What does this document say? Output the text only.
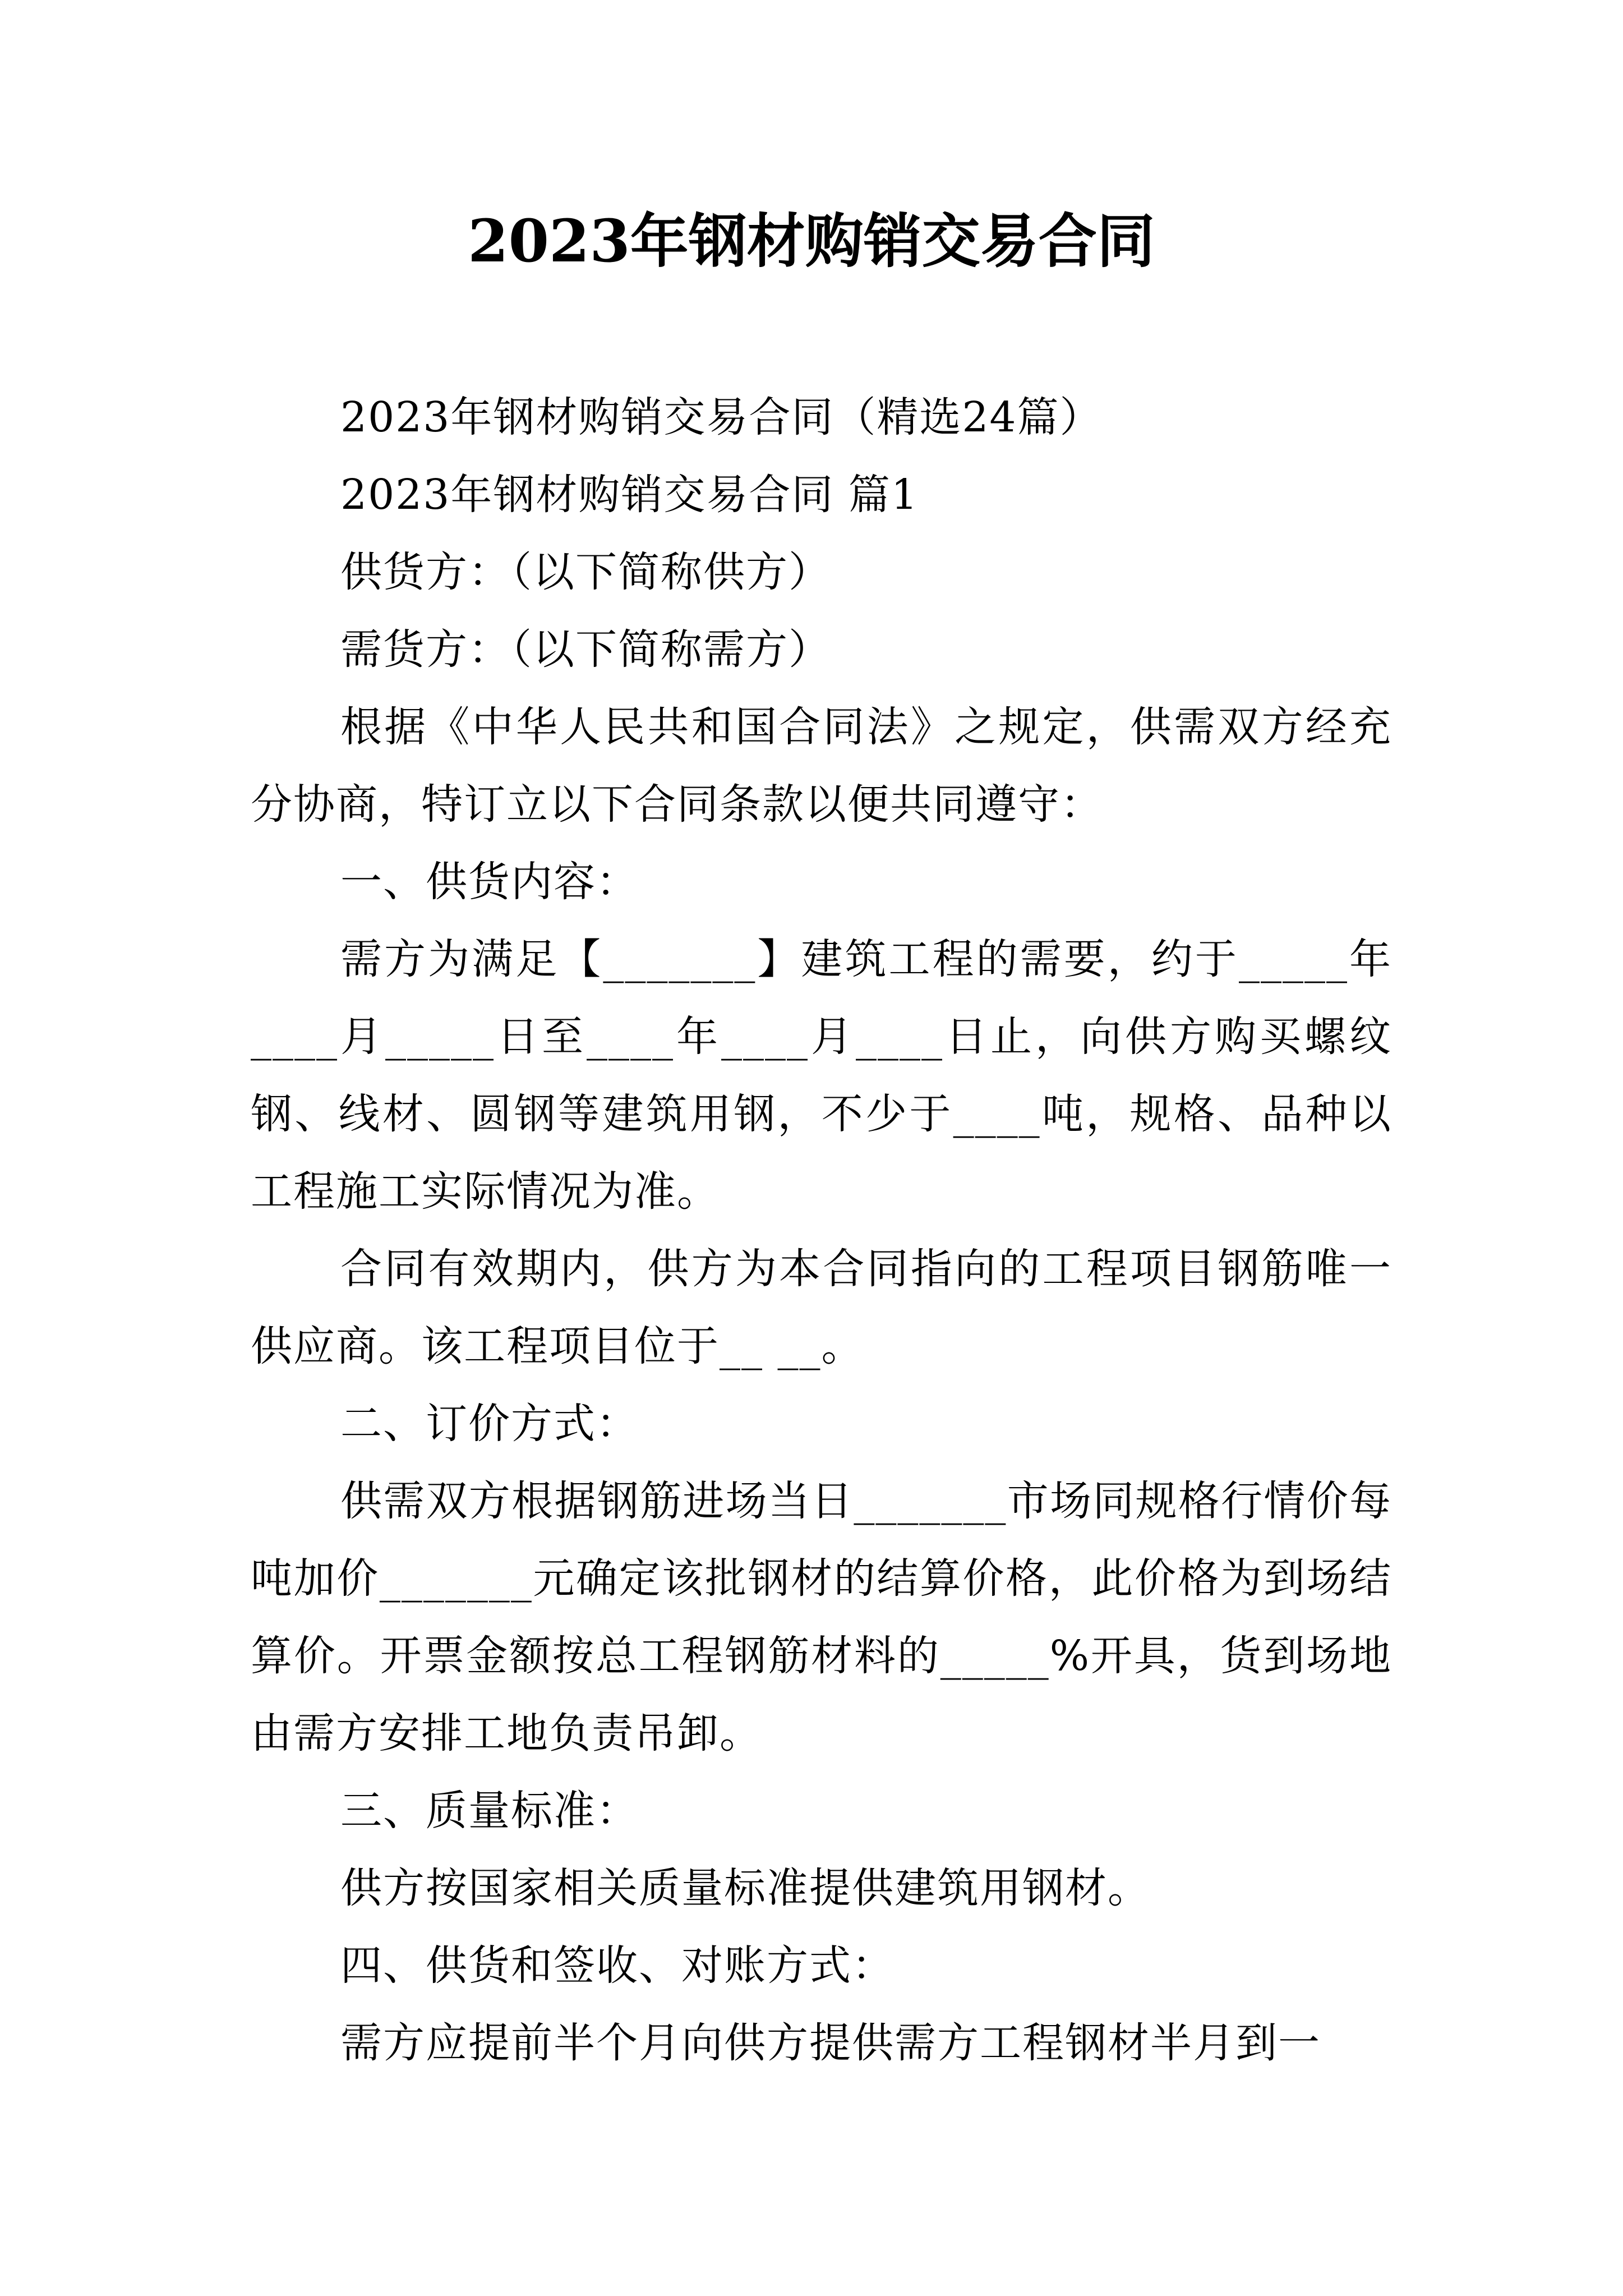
2023年钢材购销交易合同

2023年钢材购销交易合同（精选24篇）

2023年钢材购销交易合同 篇1

供货方：（以下简称供方）

需货方：（以下简称需方）

根据《中华人民共和国合同法》之规定，供需双方经充分协商，特订立以下合同条款以便共同遵守：

一、供货内容：

需方为满足【_______】建筑工程的需要，约于_____年____月_____日至____年____月____日止，向供方购买螺纹钢、线材、圆钢等建筑用钢，不少于____吨，规格、品种以工程施工实际情况为准。

合同有效期内，供方为本合同指向的工程项目钢筋唯一供应商。该工程项目位于__ __。

二、订价方式：

供需双方根据钢筋进场当日_______市场同规格行情价每吨加价_______元确定该批钢材的结算价格，此价格为到场结算价。开票金额按总工程钢筋材料的_____%开具，货到场地由需方安排工地负责吊卸。

三、质量标准：

供方按国家相关质量标准提供建筑用钢材。

四、供货和签收、对账方式：

需方应提前半个月向供方提供需方工程钢材半月到一
